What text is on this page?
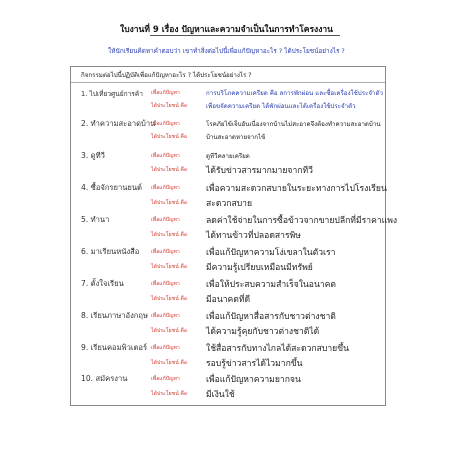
ใบงานที่ 9 เรื่อง ปัญหาและความจำเป็นในการทำโครงงาน
ให้นักเรียนคิดหาคำตอบว่า เขาทำสิ่งต่อไปนี้เพื่อแก้ปัญหาอะไร ? ได้ประโยชน์อย่างไร ?
กิจกรรมต่อไปนี้ปฏิบัติเพื่อแก้ปัญหาอะไร ? ได้ประโยชน์อย่างไร ?
1. ไปเที่ยวศูนย์การค้า เพื่อแก้ปัญหา	การบริโภคความเครียด คือ ลการพักผ่อน และซื้อเครื่องใช้ประจำตัว
ได้ประโยชน์ คือ	เพื่อขจัดความเครียด ได้พักผ่อนและได้เครื่องใช้ประจำตัว
2. ทำความสะอาดบ้าน
เพื่อแก้ปัญหา	โรคภัยไข้เจ็บอันเนื่องจากบ้านไม่สะอาดจึงต้องทำความสะอาดบ้าน
ได้ประโยชน์ คือ	บ้านสะอาดหายจากไข้
3. ดูทีวี	เพื่อแก้ปัญหา	ดูทีวีคลายเครียด
ได้ประโยชน์ คือ ได้รับข่าวสารมากมายจากทีวี
4. ซื้อจักรยานยนต์ เพื่อแก้ปัญหา	เพื่อความสะดวกสบายในระยะทางการไปโรงเรียน
ได้ประโยชน์ คือ สะดวกสบาย
5. ทำนา	เพื่อแก้ปัญหา	ลดค่าใช้จ่ายในการซื้อข้าวจากขายปลีกที่มีราคาแพง
ได้ประโยชน์ คือ ได้ทานข้าวที่ปลอดสารพิษ
6. มาเรียนหนังสือ เพื่อแก้ปัญหา	เพื่อแก้ปัญหาความโง่เขลาในตัวเรา
ได้ประโยชน์ คือ มีความรู้เปรียบเหมือนมีทรัพย์
7. ตั้งใจเรียน	เพื่อแก้ปัญหา	เพื่อให้ประสบความสำเร็จในอนาคต
ได้ประโยชน์ คือ มีอนาคตที่ดี
8. เรียนภาษาอังกฤษ เพื่อแก้ปัญหา	เพื่อแก้ปัญหาสื่อสารกับชาวต่างชาติ
ได้ประโยชน์ คือ ได้ความรู้คุยกับชาวต่างชาติได้
9. เรียนคอมพิวเตอร์ เพื่อแก้ปัญหา	ใช้สื่อสารกับทางไกลได้สะดวกสบายขึ้น
ได้ประโยชน์ คือ รอบรู้ข่าวสารได้ไวมากขึ้น
10. สมัครงาน	เพื่อแก้ปัญหา	เพื่อแก้ปัญหาความยากจน
ได้ประโยชน์ คือ มีเงินใช้
